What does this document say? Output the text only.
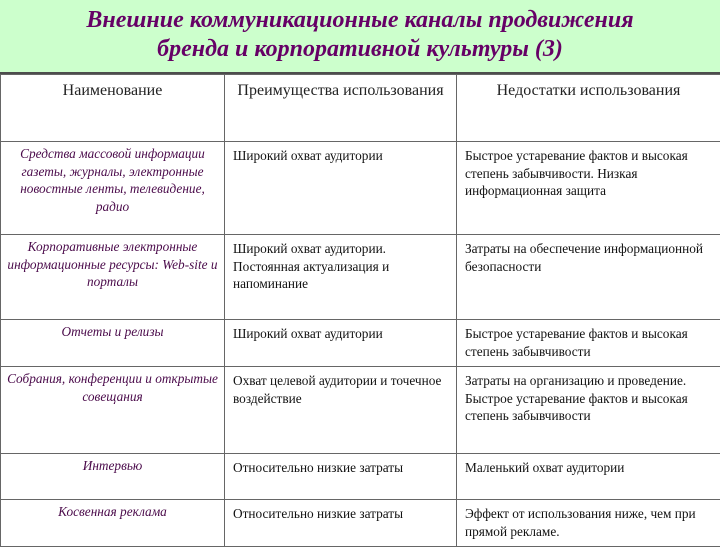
Внешние коммуникационные каналы продвижения
бренда и корпоративной культуры (3)
Наименование	Преимущества использования	Недостатки использования
Средства массовой информации газеты, журналы, электронные новостные ленты, телевидение, радио	Широкий охват аудитории	Быстрое устаревание фактов и высокая степень забывчивости. Низкая информационная защита
Корпоративные электронные информационные ресурсы: Web-site и порталы	Широкий охват аудитории. Постоянная актуализация и напоминание	Затраты на обеспечение информационной безопасности
Отчеты и релизы	Широкий охват аудитории	Быстрое устаревание фактов и высокая степень забывчивости
Собрания, конференции и открытые совещания	Охват целевой аудитории и точечное воздействие	Затраты на организацию и проведение. Быстрое устаревание фактов и высокая степень забывчивости
Интервью	Относительно низкие затраты	Маленький охват аудитории
Косвенная реклама	Относительно низкие затраты	Эффект от использования ниже, чем при прямой рекламе.
